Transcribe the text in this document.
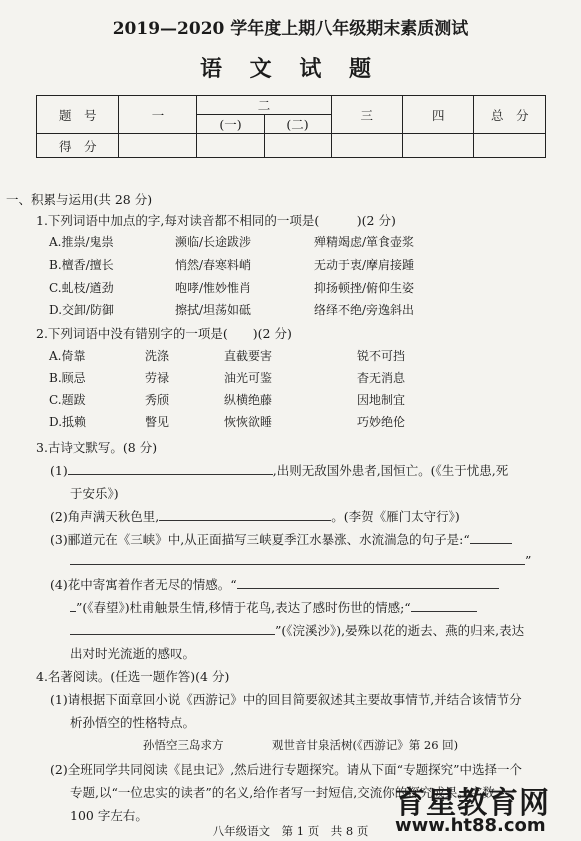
2019—2020 学年度上期八年级期末素质测试
语 文 试 题
题　号	一	二		三	四	总　分
		(一)	(二)			
得　分						
一、积累与运用(共 28 分)
1.下列词语中加点的字,每对读音都不相同的一项是(　　　)(2 分)
A.推祟/鬼祟	濒临/长途跋涉	殚精竭虑/箪食壶浆
B.檀香/擅长	悄然/春寒料峭	无动于衷/摩肩接踵
C.虬枝/遒劲	咆哮/惟妙惟肖	抑扬顿挫/俯仰生姿
D.交卸/防御	擦拭/坦荡如砥	络绎不绝/旁逸斜出
2.下列词语中没有错别字的一项是(　　)(2 分)
A.倚靠	洗涤	直截要害	锐不可挡
B.顾忌	劳禄	油光可鉴	杳无消息
C.题跋	秀颀	纵横绝藤	因地制宜
D.抵赖	瞥见	恢恢欲睡	巧妙绝伦
3.古诗文默写。(8 分)
(1)	,出则无敌国外患者,国恒亡。(《生于忧患,死
于安乐》)
(2)角声满天秋色里,	。(李贺《雁门太守行》)
(3)郦道元在《三峡》中,从正面描写三峡夏季江水暴涨、水流湍急的句子是:“
”
(4)花中寄寓着作者无尽的情感。“
”(《春望》)杜甫触景生情,移情于花鸟,表达了感时伤世的情感;“
”(《浣溪沙》),晏殊以花的逝去、燕的归来,表达
出对时光流逝的感叹。
4.名著阅读。(任选一题作答)(4 分)
(1)请根据下面章回小说《西游记》中的回目简要叙述其主要故事情节,并结合该情节分
析孙悟空的性格特点。
孙悟空三岛求方	观世音甘泉活树(《西游记》第 26 回)
(2)全班同学共同阅读《昆虫记》,然后进行专题探究。请从下面“专题探究”中选择一个
专题,以“一位忠实的读者”的名义,给作者写一封短信,交流你的探究成果。字数
100 字左右。
八年级语文　第 1 页　共 8 页
育星教育网
www.ht88.com
